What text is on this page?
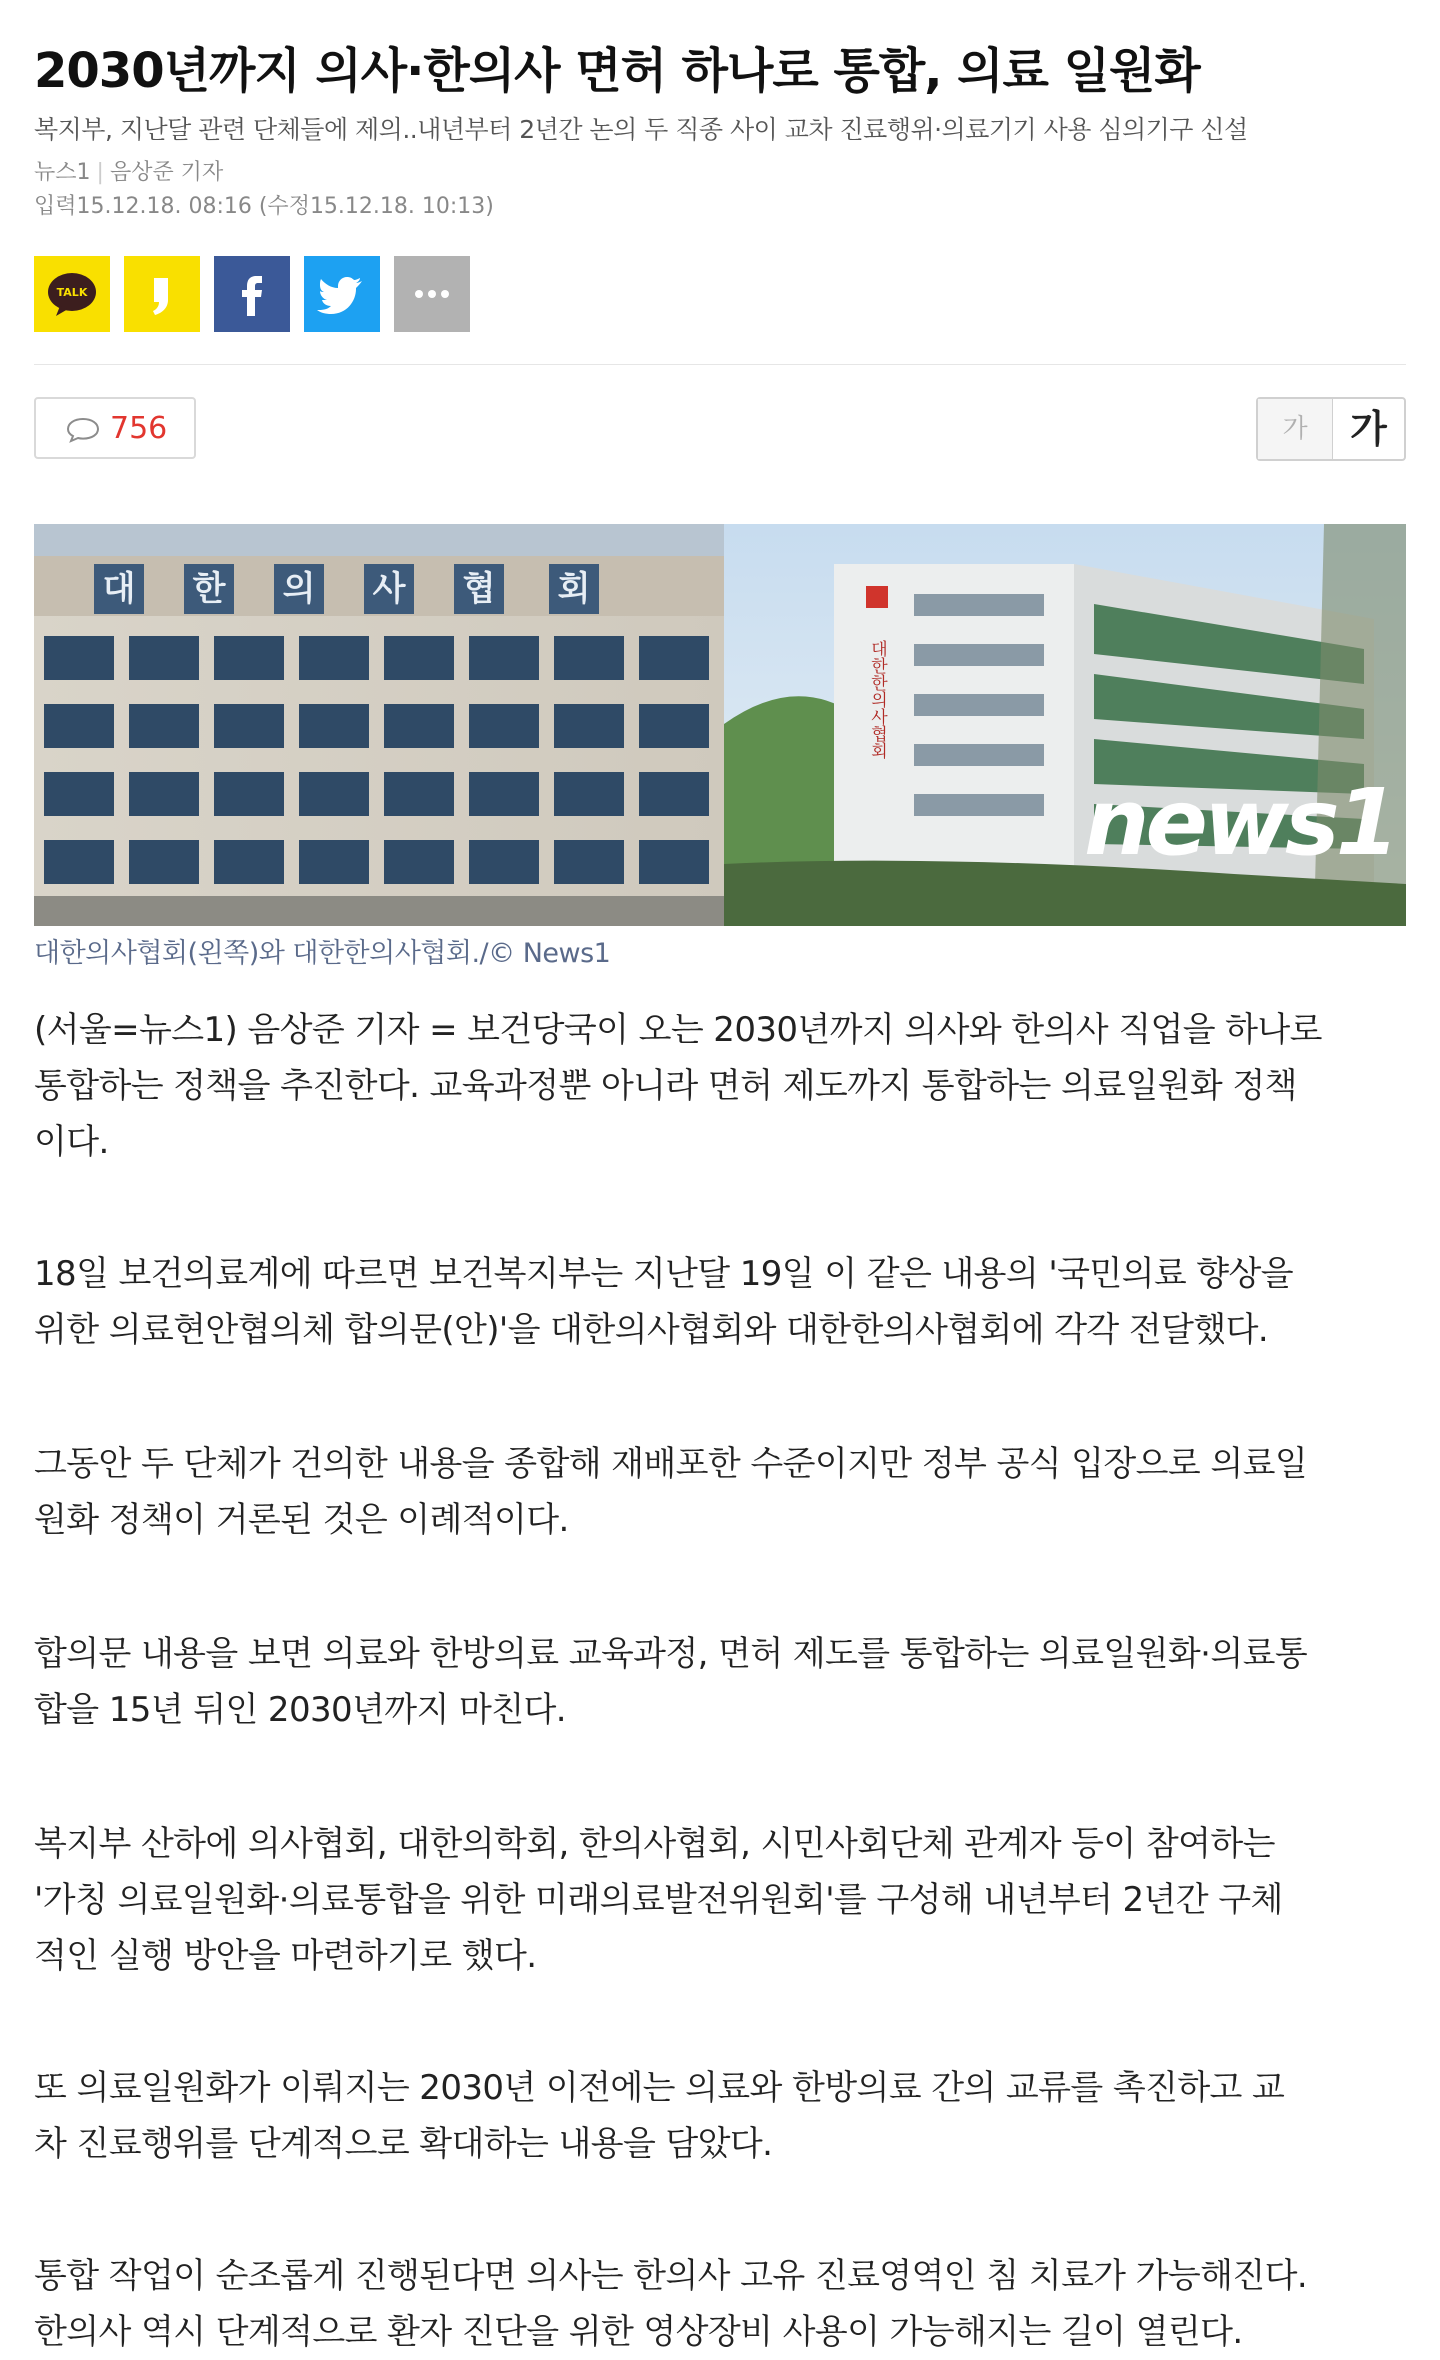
2030년까지 의사·한의사 면허 하나로 통합, 의료 일원화
복지부, 지난달 관련 단체들에 제의..내년부터 2년간 논의 두 직종 사이 교차 진료행위·의료기기 사용 심의기구 신설
뉴스1 | 음상준 기자
입력15.12.18. 08:16 (수정15.12.18. 10:13)
TALK
756	가	가
대 한 의 사 협 회
대한한의사협회
news1
대한의사협회(왼쪽)와 대한한의사협회./© News1
(서울=뉴스1) 음상준 기자 = 보건당국이 오는 2030년까지 의사와 한의사 직업을 하나로
통합하는 정책을 추진한다. 교육과정뿐 아니라 면허 제도까지 통합하는 의료일원화 정책
이다.
18일 보건의료계에 따르면 보건복지부는 지난달 19일 이 같은 내용의 '국민의료 향상을
위한 의료현안협의체 합의문(안)'을 대한의사협회와 대한한의사협회에 각각 전달했다.
그동안 두 단체가 건의한 내용을 종합해 재배포한 수준이지만 정부 공식 입장으로 의료일
원화 정책이 거론된 것은 이례적이다.
합의문 내용을 보면 의료와 한방의료 교육과정, 면허 제도를 통합하는 의료일원화·의료통
합을 15년 뒤인 2030년까지 마친다.
복지부 산하에 의사협회, 대한의학회, 한의사협회, 시민사회단체 관계자 등이 참여하는
'가칭 의료일원화·의료통합을 위한 미래의료발전위원회'를 구성해 내년부터 2년간 구체
적인 실행 방안을 마련하기로 했다.
또 의료일원화가 이뤄지는 2030년 이전에는 의료와 한방의료 간의 교류를 촉진하고 교
차 진료행위를 단계적으로 확대하는 내용을 담았다.
통합 작업이 순조롭게 진행된다면 의사는 한의사 고유 진료영역인 침 치료가 가능해진다.
한의사 역시 단계적으로 환자 진단을 위한 영상장비 사용이 가능해지는 길이 열린다.
